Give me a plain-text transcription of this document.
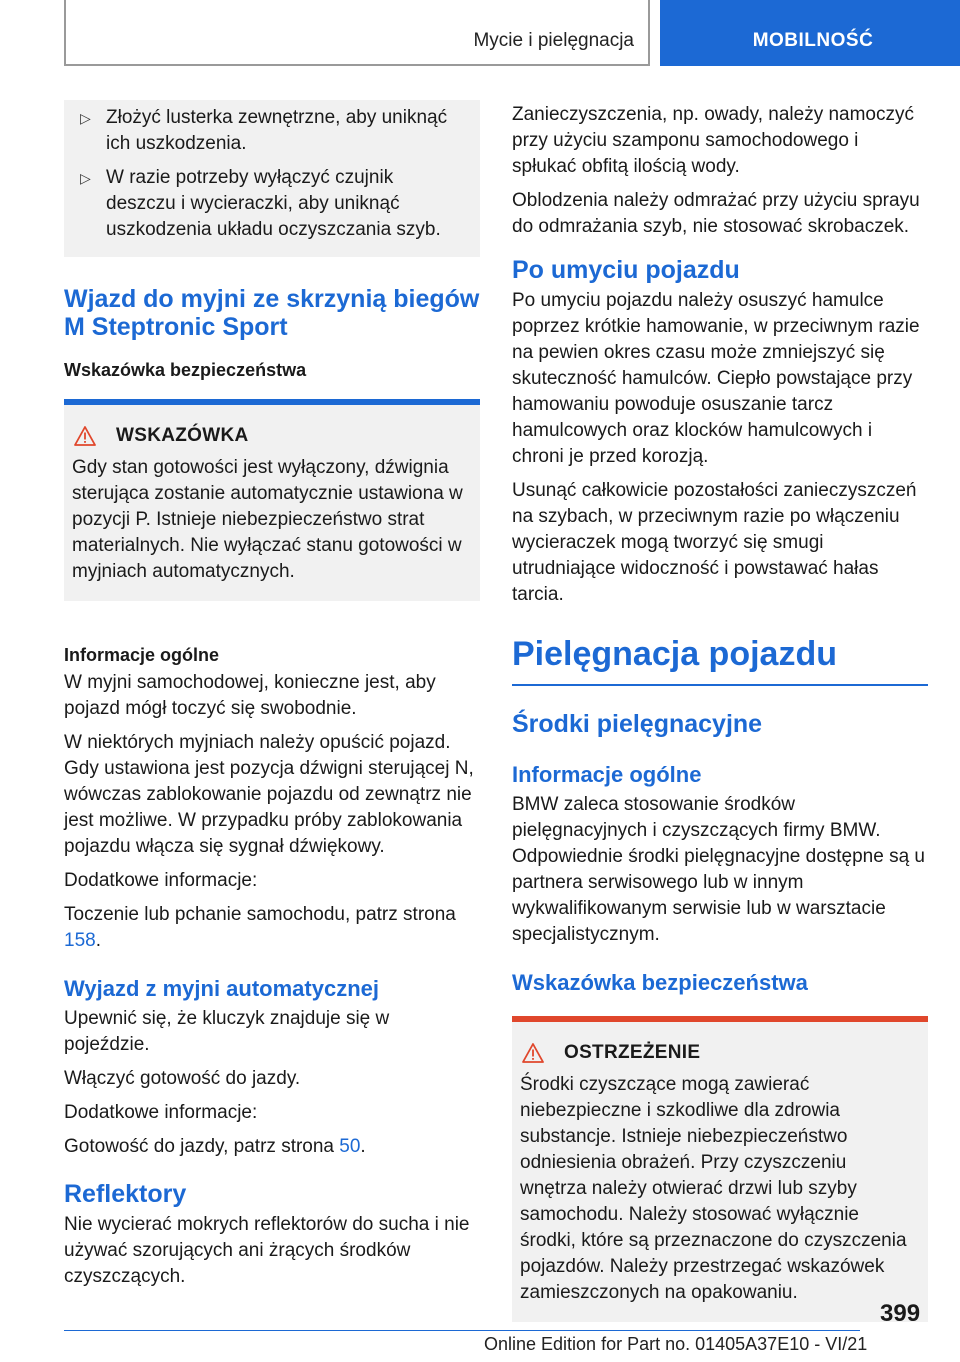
Mycie i pielęgnacja	MOBILNOŚĆ
▷ Złożyć lusterka zewnętrzne, aby uniknąć ich uszkodzenia.
▷ W razie potrzeby wyłączyć czujnik deszczu i wycieraczki, aby uniknąć uszkodzenia układu oczyszczania szyb.
Wjazd do myjni ze skrzynią biegów M Steptronic Sport
Wskazówka bezpieczeństwa
WSKAZÓWKA

Gdy stan gotowości jest wyłączony, dźwignia sterująca zostanie automatycznie ustawiona w pozycji P. Istnieje niebezpieczeństwo strat materialnych. Nie wyłączać stanu gotowości w myjniach automatycznych.

Informacje ogólne

W myjni samochodowej, konieczne jest, aby pojazd mógł toczyć się swobodnie.

W niektórych myjniach należy opuścić pojazd. Gdy ustawiona jest pozycja dźwigni sterującej N, wówczas zablokowanie pojazdu od zewnątrz nie jest możliwe. W przypadku próby zablokowania pojazdu włącza się sygnał dźwiękowy.

Dodatkowe informacje:

Toczenie lub pchanie samochodu, patrz strona 158.

Wyjazd z myjni automatycznej

Upewnić się, że kluczyk znajduje się w pojeździe.

Włączyć gotowość do jazdy.

Dodatkowe informacje:

Gotowość do jazdy, patrz strona 50.

Reflektory

Nie wycierać mokrych reflektorów do sucha i nie używać szorujących ani żrących środków czyszczących.

Zanieczyszczenia, np. owady, należy namoczyć przy użyciu szamponu samochodowego i spłukać obfitą ilością wody.

Oblodzenia należy odmrażać przy użyciu sprayu do odmrażania szyb, nie stosować skrobaczek.

Po umyciu pojazdu

Po umyciu pojazdu należy osuszyć hamulce poprzez krótkie hamowanie, w przeciwnym razie na pewien okres czasu może zmniejszyć się skuteczność hamulców. Ciepło powstające przy hamowaniu powoduje osuszanie tarcz hamulcowych oraz klocków hamulcowych i chroni je przed korozją.

Usunąć całkowicie pozostałości zanieczyszczeń na szybach, w przeciwnym razie po włączeniu wycieraczek mogą tworzyć się smugi utrudniające widoczność i powstawać hałas tarcia.

Pielęgnacja pojazdu
Środki pielęgnacyjne
Informacje ogólne

BMW zaleca stosowanie środków pielęgnacyjnych i czyszczących firmy BMW. Odpowiednie środki pielęgnacyjne dostępne są u partnera serwisowego lub w innym wykwalifikowanym serwisie lub w warsztacie specjalistycznym.

Wskazówka bezpieczeństwa
OSTRZEŻENIE

Środki czyszczące mogą zawierać niebezpieczne i szkodliwe dla zdrowia substancje. Istnieje niebezpieczeństwo odniesienia obrażeń. Przy czyszczeniu wnętrza należy otwierać drzwi lub szyby samochodu. Należy stosować wyłącznie środki, które są przeznaczone do czyszczenia pojazdów. Należy przestrzegać wskazówek zamieszczonych na opakowaniu.

399
Online Edition for Part no. 01405A37E10 - VI/21
